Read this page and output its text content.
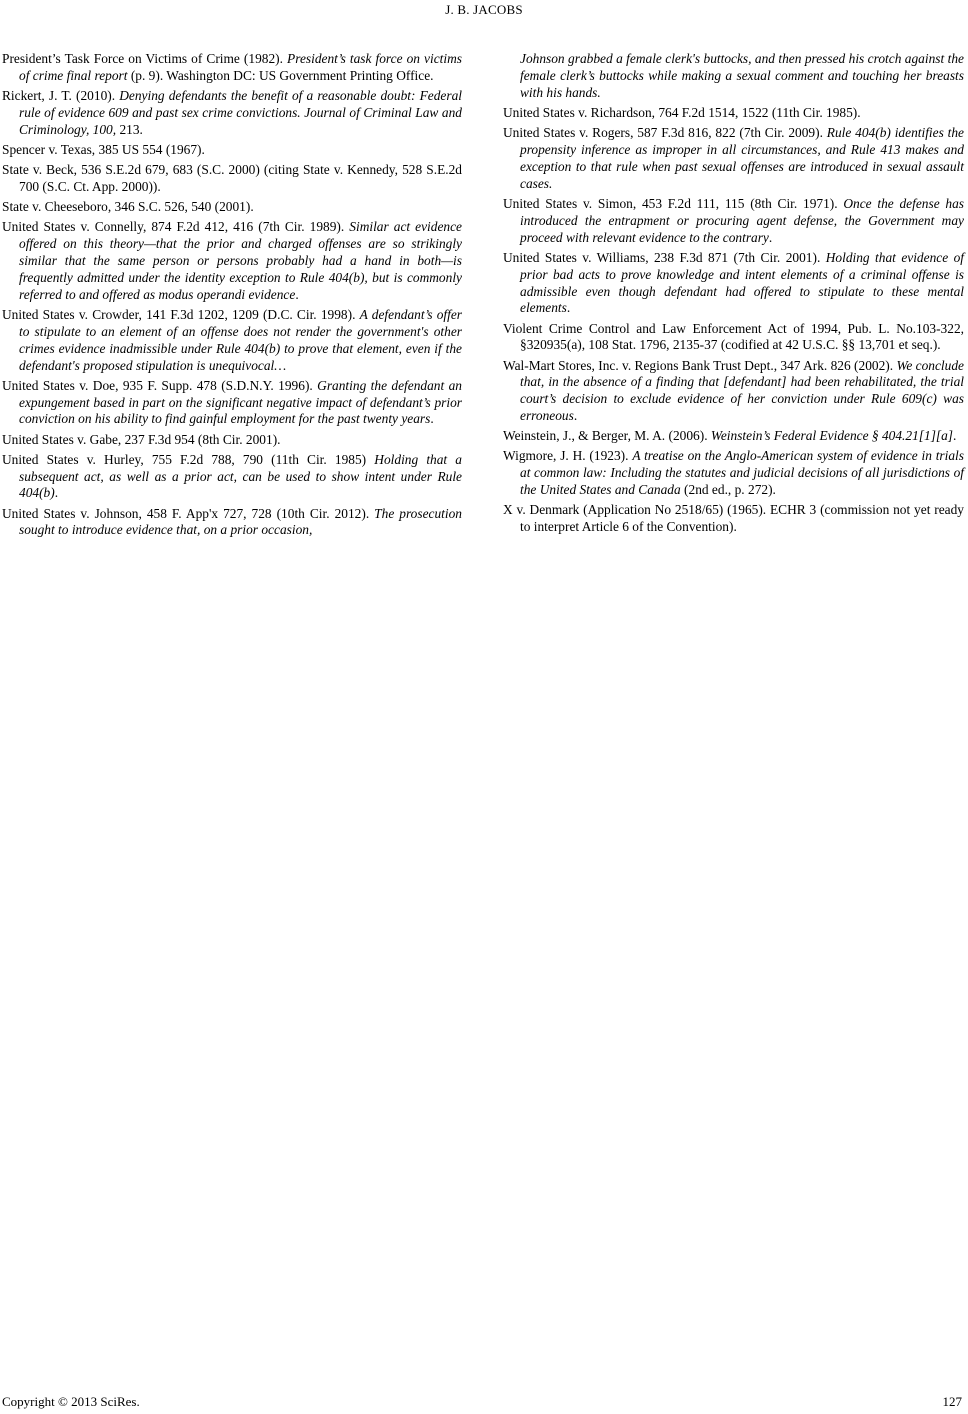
J. B. JACOBS

President’s Task Force on Victims of Crime (1982). President’s task force on victims of crime final report (p. 9). Washington DC: US Government Printing Office.

Rickert, J. T. (2010). Denying defendants the benefit of a reasonable doubt: Federal rule of evidence 609 and past sex crime convictions. Journal of Criminal Law and Criminology, 100, 213.

Spencer v. Texas, 385 US 554 (1967).

State v. Beck, 536 S.E.2d 679, 683 (S.C. 2000) (citing State v. Kennedy, 528 S.E.2d 700 (S.C. Ct. App. 2000)).

State v. Cheeseboro, 346 S.C. 526, 540 (2001).

United States v. Connelly, 874 F.2d 412, 416 (7th Cir. 1989). Similar act evidence offered on this theory—that the prior and charged offenses are so strikingly similar that the same person or persons probably had a hand in both—is frequently admitted under the identity exception to Rule 404(b), but is commonly referred to and offered as modus operandi evidence.

United States v. Crowder, 141 F.3d 1202, 1209 (D.C. Cir. 1998). A defendant’s offer to stipulate to an element of an offense does not render the government's other crimes evidence inadmissible under Rule 404(b) to prove that element, even if the defendant's proposed stipulation is unequivocal…

United States v. Doe, 935 F. Supp. 478 (S.D.N.Y. 1996). Granting the defendant an expungement based in part on the significant negative impact of defendant’s prior conviction on his ability to find gainful employment for the past twenty years.

United States v. Gabe, 237 F.3d 954 (8th Cir. 2001).

United States v. Hurley, 755 F.2d 788, 790 (11th Cir. 1985) Holding that a subsequent act, as well as a prior act, can be used to show intent under Rule 404(b).

United States v. Johnson, 458 F. App'x 727, 728 (10th Cir. 2012). The prosecution sought to introduce evidence that, on a prior occasion,

Johnson grabbed a female clerk's buttocks, and then pressed his crotch against the female clerk’s buttocks while making a sexual comment and touching her breasts with his hands.

United States v. Richardson, 764 F.2d 1514, 1522 (11th Cir. 1985).

United States v. Rogers, 587 F.3d 816, 822 (7th Cir. 2009). Rule 404(b) identifies the propensity inference as improper in all circumstances, and Rule 413 makes and exception to that rule when past sexual offenses are introduced in sexual assault cases.

United States v. Simon, 453 F.2d 111, 115 (8th Cir. 1971). Once the defense has introduced the entrapment or procuring agent defense, the Government may proceed with relevant evidence to the contrary.

United States v. Williams, 238 F.3d 871 (7th Cir. 2001). Holding that evidence of prior bad acts to prove knowledge and intent elements of a criminal offense is admissible even though defendant had offered to stipulate to these mental elements.

Violent Crime Control and Law Enforcement Act of 1994, Pub. L. No.103-322, §320935(a), 108 Stat. 1796, 2135-37 (codified at 42 U.S.C. §§ 13,701 et seq.).

Wal-Mart Stores, Inc. v. Regions Bank Trust Dept., 347 Ark. 826 (2002). We conclude that, in the absence of a finding that [defendant] had been rehabilitated, the trial court’s decision to exclude evidence of her conviction under Rule 609(c) was erroneous.

Weinstein, J., & Berger, M. A. (2006). Weinstein’s Federal Evidence § 404.21[1][a].

Wigmore, J. H. (1923). A treatise on the Anglo-American system of evidence in trials at common law: Including the statutes and judicial decisions of all jurisdictions of the United States and Canada (2nd ed., p. 272).

X v. Denmark (Application No 2518/65) (1965). ECHR 3 (commission not yet ready to interpret Article 6 of the Convention).

Copyright © 2013 SciRes.	127
